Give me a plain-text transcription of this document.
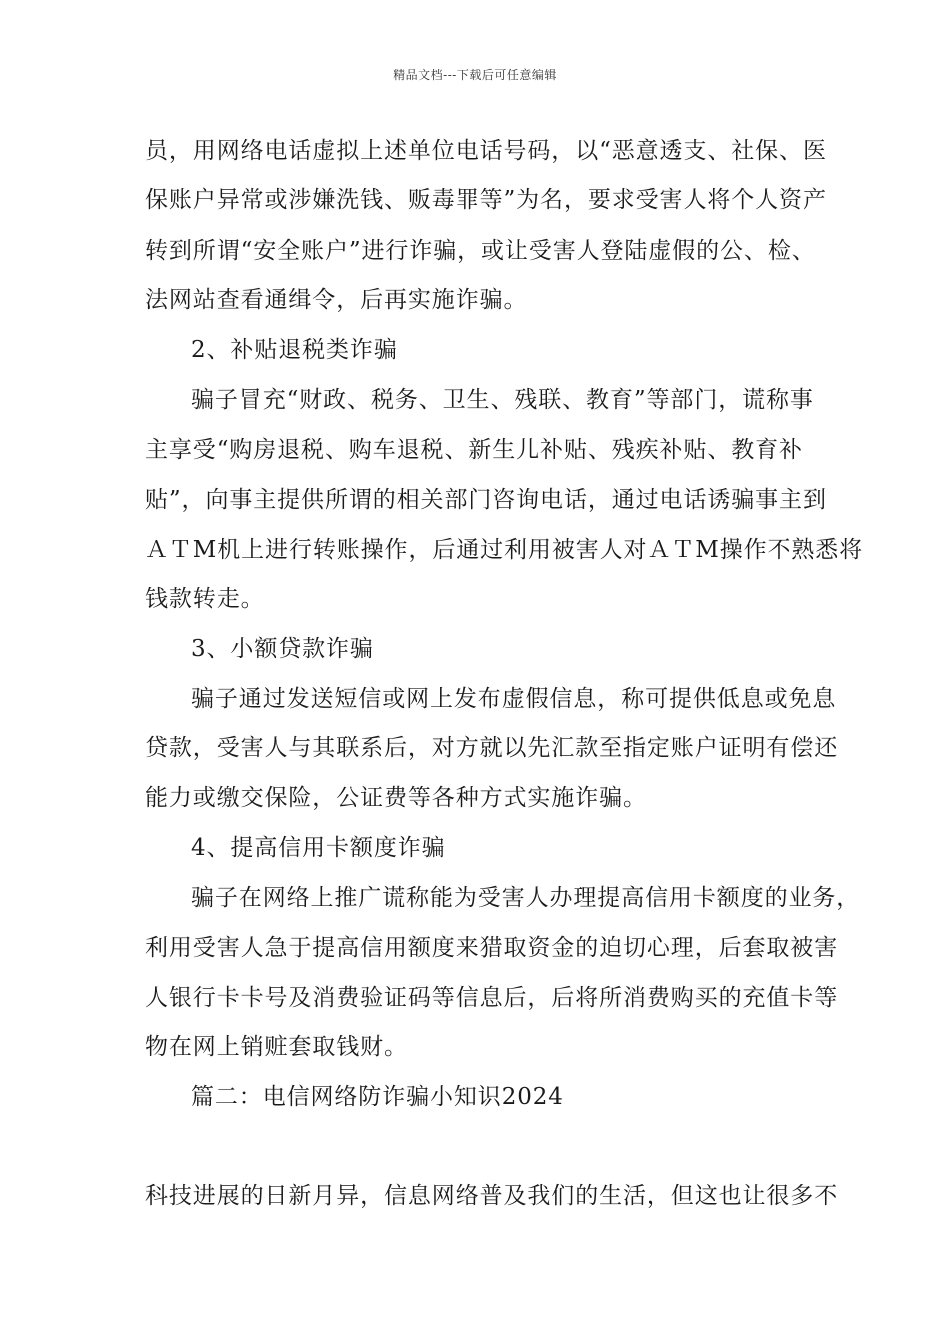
精品文档---下载后可任意编辑
员，用网络电话虚拟上述单位电话号码，以“恶意透支、社保、医
保账户异常或涉嫌洗钱、贩毒罪等”为名，要求受害人将个人资产
转到所谓“安全账户”进行诈骗，或让受害人登陆虚假的公、检、
法网站查看通缉令，后再实施诈骗。
2、补贴退税类诈骗
骗子冒充“财政、税务、卫生、残联、教育”等部门，谎称事
主享受“购房退税、购车退税、新生儿补贴、残疾补贴、教育补
贴”，向事主提供所谓的相关部门咨询电话，通过电话诱骗事主到
ＡＴM机上进行转账操作，后通过利用被害人对ＡＴM操作不熟悉将
钱款转走。
3、小额贷款诈骗
骗子通过发送短信或网上发布虚假信息，称可提供低息或免息
贷款，受害人与其联系后，对方就以先汇款至指定账户证明有偿还
能力或缴交保险，公证费等各种方式实施诈骗。
4、提高信用卡额度诈骗
骗子在网络上推广谎称能为受害人办理提高信用卡额度的业务，
利用受害人急于提高信用额度来猎取资金的迫切心理，后套取被害
人银行卡卡号及消费验证码等信息后，后将所消费购买的充值卡等
物在网上销赃套取钱财。
篇二：电信网络防诈骗小知识2024
科技进展的日新月异，信息网络普及我们的生活，但这也让很多不
